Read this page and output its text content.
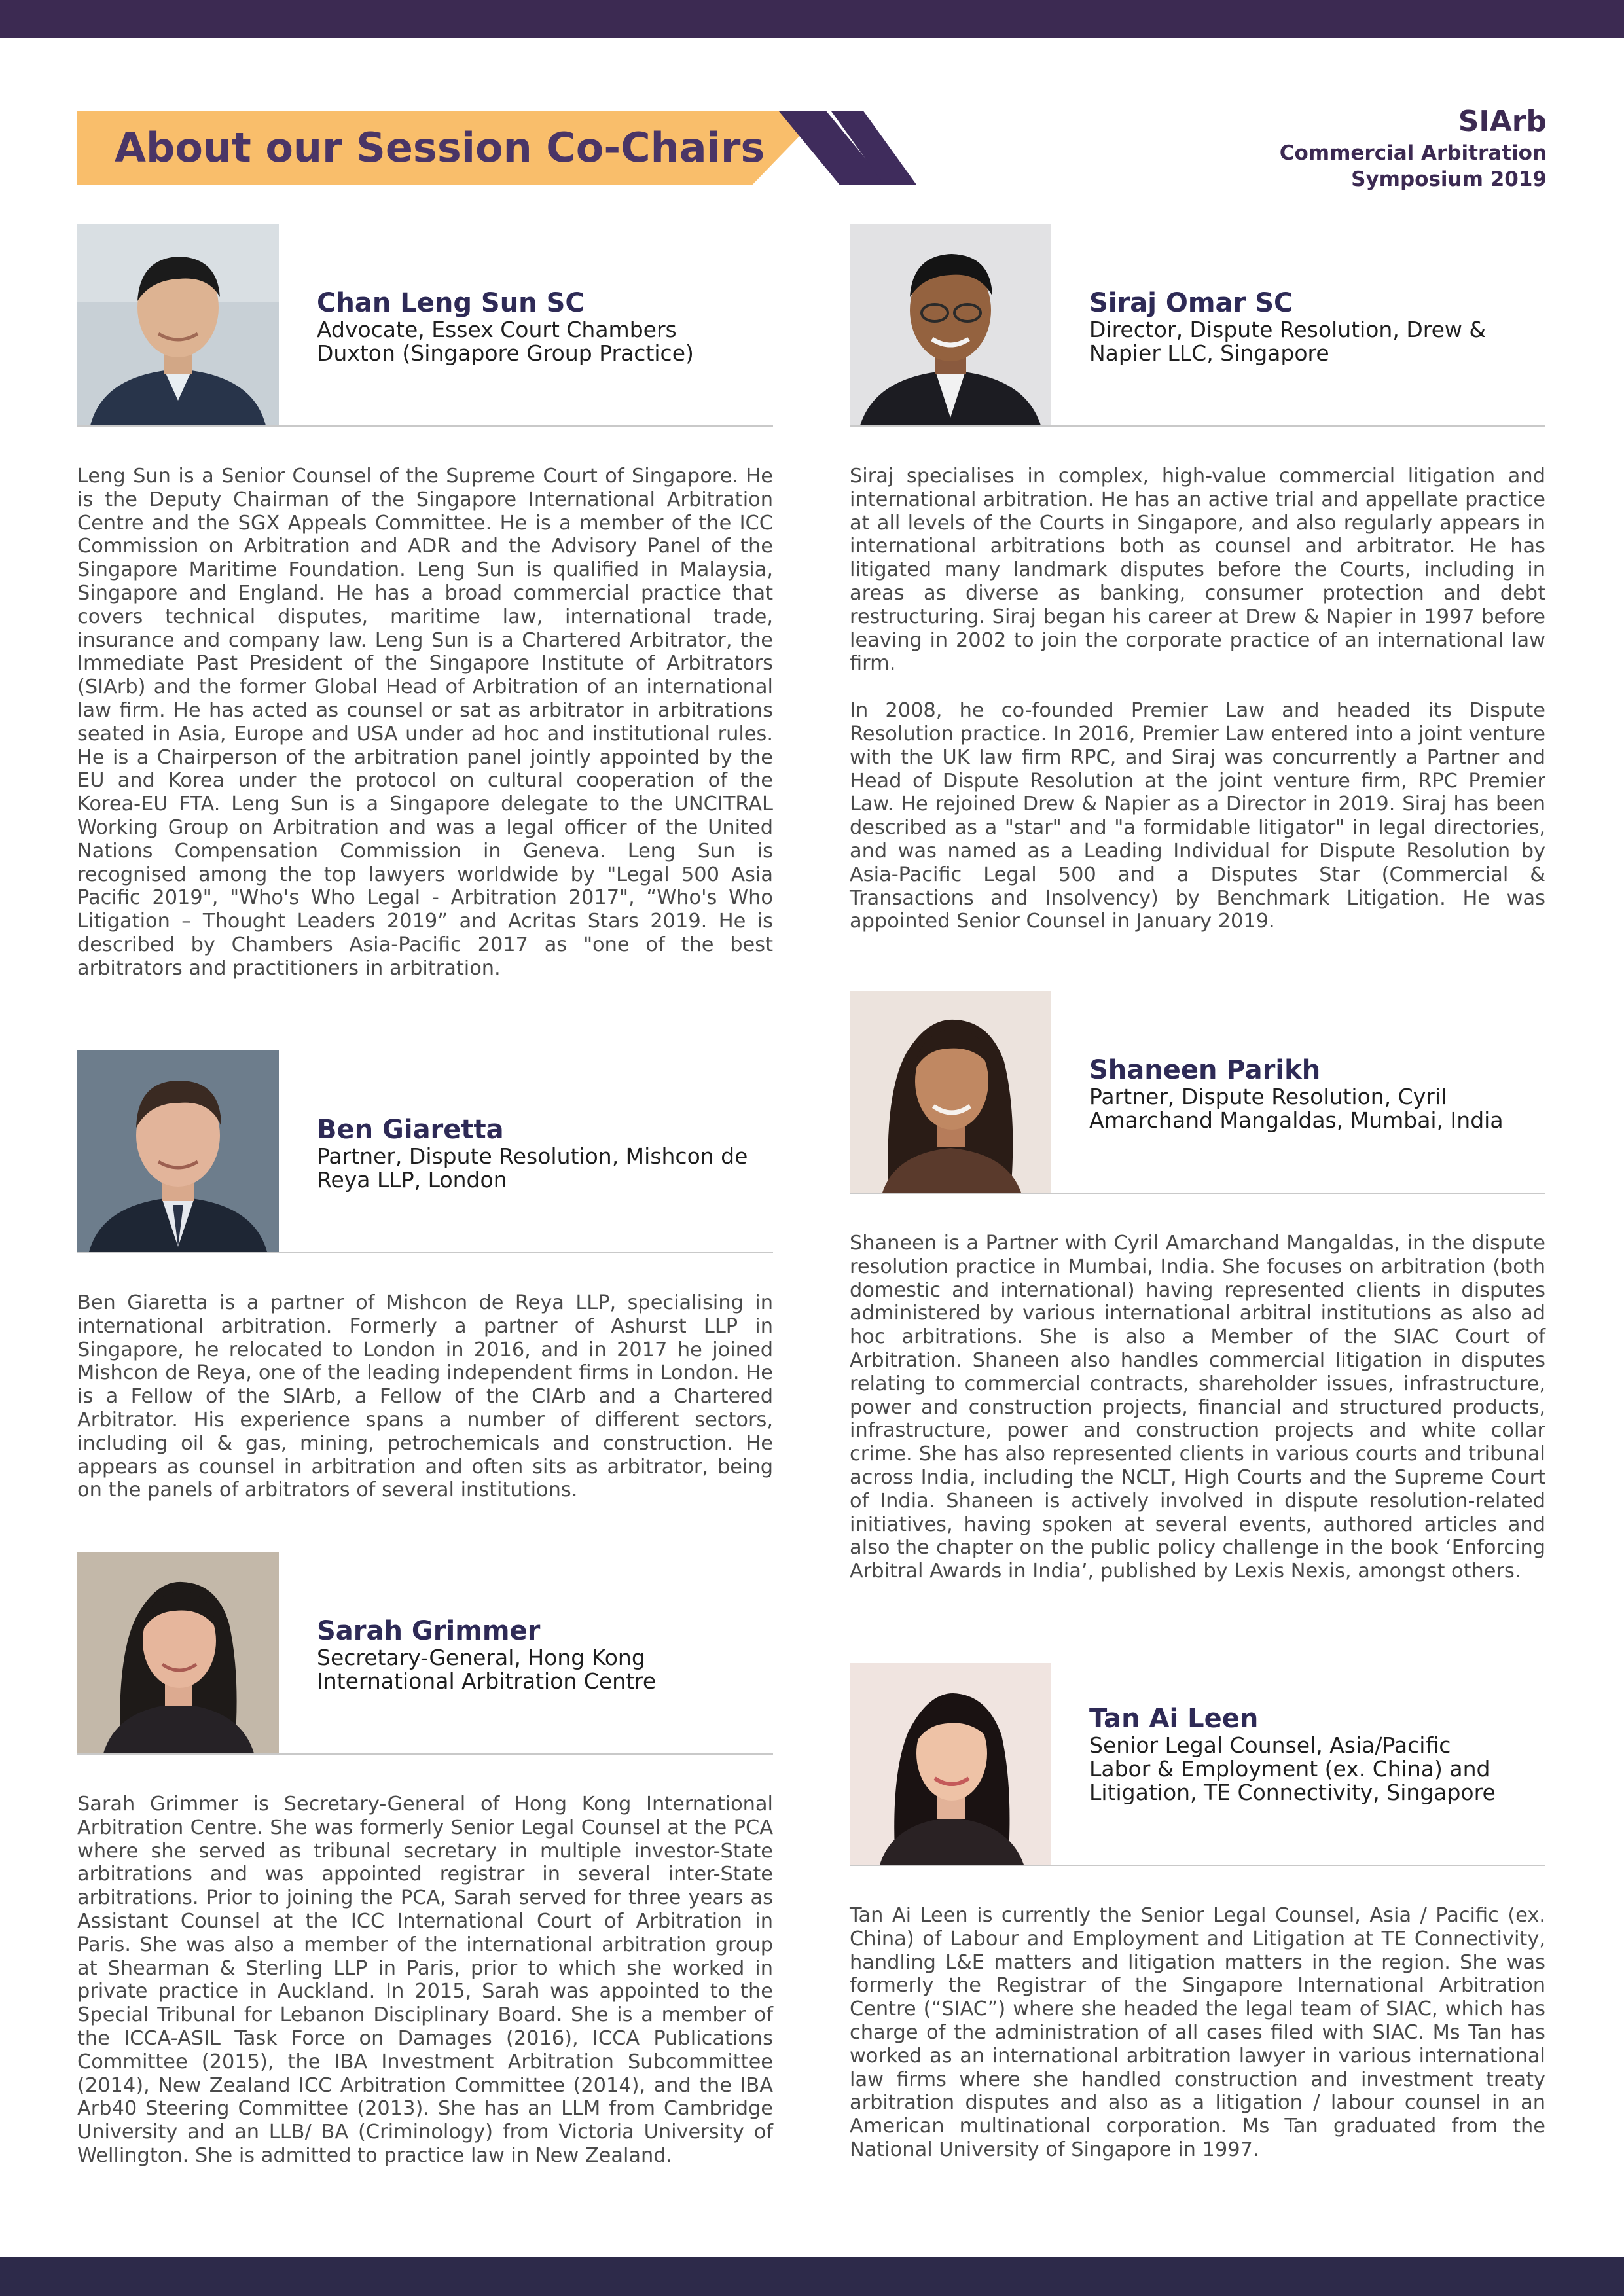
About our Session Co-Chairs
SIArb
Commercial Arbitration
Symposium 2019
Chan Leng Sun SC
Advocate, Essex Court Chambers
Duxton (Singapore Group Practice)

Leng Sun is a Senior Counsel of the Supreme Court of Singapore. He is the Deputy Chairman of the Singapore International Arbitration Centre and the SGX Appeals Committee. He is a member of the ICC Commission on Arbitration and ADR and the Advisory Panel of the Singapore Maritime Foundation. Leng Sun is qualified in Malaysia, Singapore and England. He has a broad commercial practice that covers technical disputes, maritime law, international trade, insurance and company law. Leng Sun is a Chartered Arbitrator, the Immediate Past President of the Singapore Institute of Arbitrators (SIArb) and the former Global Head of Arbitration of an international law firm. He has acted as counsel or sat as arbitrator in arbitrations seated in Asia, Europe and USA under ad hoc and institutional rules. He is a Chairperson of the arbitration panel jointly appointed by the EU and Korea under the protocol on cultural cooperation of the Korea-EU FTA. Leng Sun is a Singapore delegate to the UNCITRAL Working Group on Arbitration and was a legal officer of the United Nations Compensation Commission in Geneva. Leng Sun is recognised among the top lawyers worldwide by "Legal 500 Asia Pacific 2019", "Who's Who Legal - Arbitration 2017", “Who's Who Litigation – Thought Leaders 2019” and Acritas Stars 2019. He is described by Chambers Asia-Pacific 2017 as "one of the best arbitrators and practitioners in arbitration.

Ben Giaretta
Partner, Dispute Resolution, Mishcon de
Reya LLP, London

Ben Giaretta is a partner of Mishcon de Reya LLP, specialising in international arbitration. Formerly a partner of Ashurst LLP in Singapore, he relocated to London in 2016, and in 2017 he joined Mishcon de Reya, one of the leading independent firms in London. He is a Fellow of the SIArb, a Fellow of the CIArb and a Chartered Arbitrator. His experience spans a number of different sectors, including oil & gas, mining, petrochemicals and construction. He appears as counsel in arbitration and often sits as arbitrator, being on the panels of arbitrators of several institutions.

Sarah Grimmer
Secretary-General, Hong Kong
International Arbitration Centre

Sarah Grimmer is Secretary-General of Hong Kong International Arbitration Centre. She was formerly Senior Legal Counsel at the PCA where she served as tribunal secretary in multiple investor-State arbitrations and was appointed registrar in several inter-State arbitrations. Prior to joining the PCA, Sarah served for three years as Assistant Counsel at the ICC International Court of Arbitration in Paris. She was also a member of the international arbitration group at Shearman & Sterling LLP in Paris, prior to which she worked in private practice in Auckland. In 2015, Sarah was appointed to the Special Tribunal for Lebanon Disciplinary Board. She is a member of the ICCA-ASIL Task Force on Damages (2016), ICCA Publications Committee (2015), the IBA Investment Arbitration Subcommittee (2014), New Zealand ICC Arbitration Committee (2014), and the IBA Arb40 Steering Committee (2013). She has an LLM from Cambridge University and an LLB/ BA (Criminology) from Victoria University of Wellington. She is admitted to practice law in New Zealand.

Siraj Omar SC
Director, Dispute Resolution, Drew &
Napier LLC, Singapore

Siraj specialises in complex, high-value commercial litigation and international arbitration. He has an active trial and appellate practice at all levels of the Courts in Singapore, and also regularly appears in international arbitrations both as counsel and arbitrator. He has litigated many landmark disputes before the Courts, including in areas as diverse as banking, consumer protection and debt restructuring. Siraj began his career at Drew & Napier in 1997 before leaving in 2002 to join the corporate practice of an international law firm.

In 2008, he co-founded Premier Law and headed its Dispute Resolution practice. In 2016, Premier Law entered into a joint venture with the UK law firm RPC, and Siraj was concurrently a Partner and Head of Dispute Resolution at the joint venture firm, RPC Premier Law. He rejoined Drew & Napier as a Director in 2019. Siraj has been described as a "star" and "a formidable litigator" in legal directories, and was named as a Leading Individual for Dispute Resolution by Asia-Pacific Legal 500 and a Disputes Star (Commercial & Transactions and Insolvency) by Benchmark Litigation. He was appointed Senior Counsel in January 2019.

Shaneen Parikh
Partner, Dispute Resolution, Cyril
Amarchand Mangaldas, Mumbai, India

Shaneen is a Partner with Cyril Amarchand Mangaldas, in the dispute resolution practice in Mumbai, India. She focuses on arbitration (both domestic and international) having represented clients in disputes administered by various international arbitral institutions as also ad hoc arbitrations. She is also a Member of the SIAC Court of Arbitration. Shaneen also handles commercial litigation in disputes relating to commercial contracts, shareholder issues, infrastructure, power and construction projects, financial and structured products, infrastructure, power and construction projects and white collar crime. She has also represented clients in various courts and tribunal across India, including the NCLT, High Courts and the Supreme Court of India. Shaneen is actively involved in dispute resolution-related initiatives, having spoken at several events, authored articles and also the chapter on the public policy challenge in the book ‘Enforcing Arbitral Awards in India’, published by Lexis Nexis, amongst others.

Tan Ai Leen
Senior Legal Counsel, Asia/Pacific
Labor & Employment (ex. China) and
Litigation, TE Connectivity, Singapore

Tan Ai Leen is currently the Senior Legal Counsel, Asia / Pacific (ex. China) of Labour and Employment and Litigation at TE Connectivity, handling L&E matters and litigation matters in the region. She was formerly the Registrar of the Singapore International Arbitration Centre (“SIAC”) where she headed the legal team of SIAC, which has charge of the administration of all cases filed with SIAC. Ms Tan has worked as an international arbitration lawyer in various international law firms where she handled construction and investment treaty arbitration disputes and also as a litigation / labour counsel in an American multinational corporation. Ms Tan graduated from the National University of Singapore in 1997.
